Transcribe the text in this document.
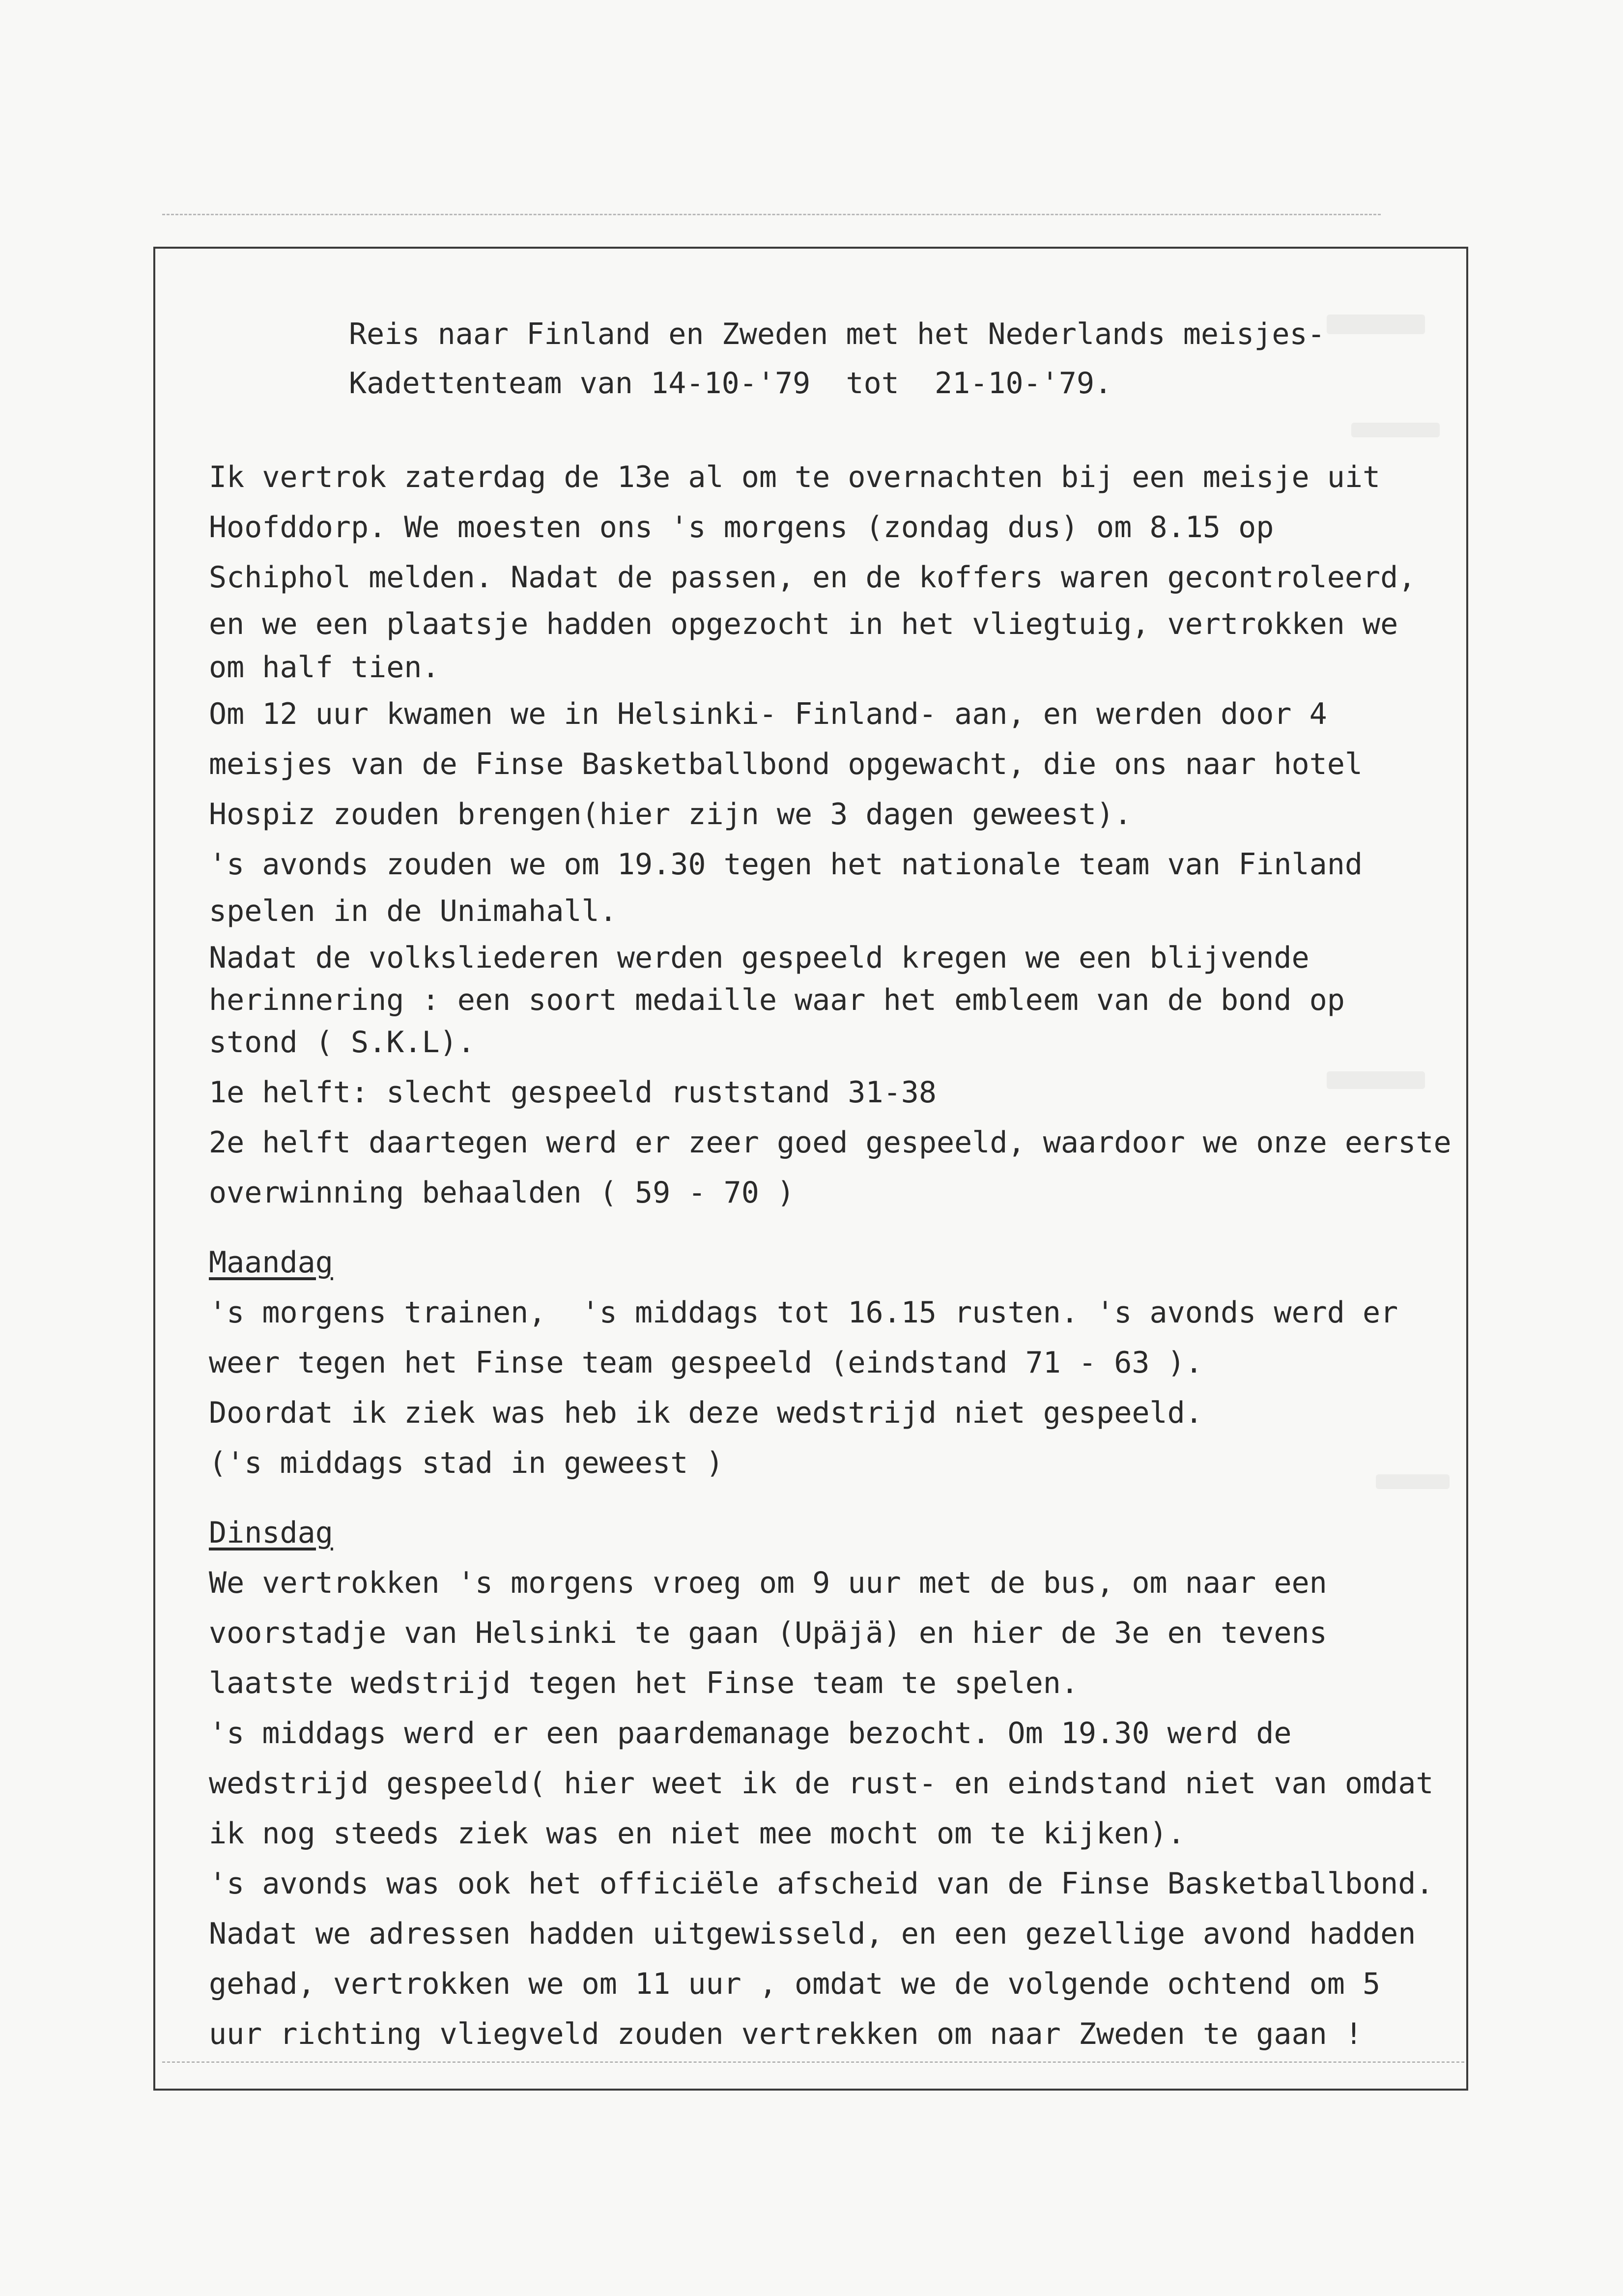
Reis naar Finland en Zweden met het Nederlands meisjes-
Kadettenteam van 14-10-'79  tot  21-10-'79.
Ik vertrok zaterdag de 13e al om te overnachten bij een meisje uit
Hoofddorp. We moesten ons 's morgens (zondag dus) om 8.15 op
Schiphol melden. Nadat de passen, en de koffers waren gecontroleerd,
en we een plaatsje hadden opgezocht in het vliegtuig, vertrokken we
om half tien.
Om 12 uur kwamen we in Helsinki- Finland- aan, en werden door 4
meisjes van de Finse Basketballbond opgewacht, die ons naar hotel
Hospiz zouden brengen(hier zijn we 3 dagen geweest).
's avonds zouden we om 19.30 tegen het nationale team van Finland
spelen in de Unimahall.
Nadat de volksliederen werden gespeeld kregen we een blijvende
herinnering : een soort medaille waar het embleem van de bond op
stond ( S.K.L).
1e helft: slecht gespeeld ruststand 31-38
2e helft daartegen werd er zeer goed gespeeld, waardoor we onze eerste
overwinning behaalden ( 59 - 70 )
Maandag
's morgens trainen,  's middags tot 16.15 rusten. 's avonds werd er
weer tegen het Finse team gespeeld (eindstand 71 - 63 ).
Doordat ik ziek was heb ik deze wedstrijd niet gespeeld.
('s middags stad in geweest )
Dinsdag
We vertrokken 's morgens vroeg om 9 uur met de bus, om naar een
voorstadje van Helsinki te gaan (Upäjä) en hier de 3e en tevens
laatste wedstrijd tegen het Finse team te spelen.
's middags werd er een paardemanage bezocht. Om 19.30 werd de
wedstrijd gespeeld( hier weet ik de rust- en eindstand niet van omdat
ik nog steeds ziek was en niet mee mocht om te kijken).
's avonds was ook het officiële afscheid van de Finse Basketballbond.
Nadat we adressen hadden uitgewisseld, en een gezellige avond hadden
gehad, vertrokken we om 11 uur , omdat we de volgende ochtend om 5
uur richting vliegveld zouden vertrekken om naar Zweden te gaan !
